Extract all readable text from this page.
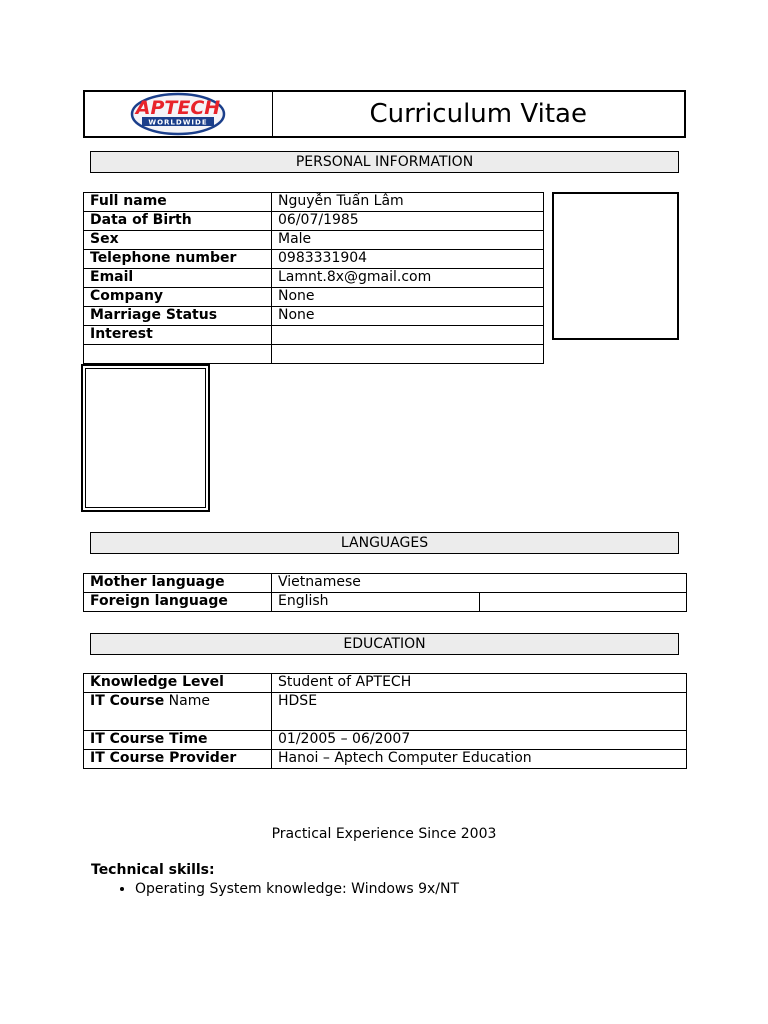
APTECH
WORLDWIDE	Curriculum Vitae
PERSONAL INFORMATION
Full name	Nguyễn Tuấn Lâm
Data of Birth	06/07/1985
Sex	Male
Telephone number	0983331904
Email	Lamnt.8x@gmail.com
Company	None
Marriage Status	None
Interest	

LANGUAGES
Mother language	Vietnamese	
Foreign language	English	
EDUCATION
Knowledge Level	Student of APTECH
IT Course Name	HDSE
IT Course Time	01/2005 – 06/2007
IT Course Provider	Hanoi – Aptech Computer Education
Practical Experience Since 2003
Technical skills:
• Operating System knowledge: Windows 9x/NT
